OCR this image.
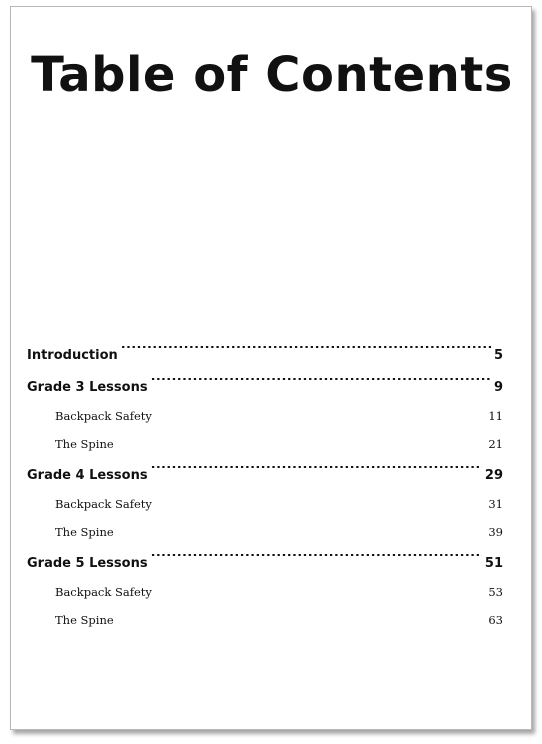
Table of Contents
Introduction .....	5
Grade 3 Lessons .....	9
Backpack Safety .....	11
The Spine .....	21
Grade 4 Lessons .....	29
Backpack Safety .....	31
The Spine .....	39
Grade 5 Lessons .....	51
Backpack Safety .....	53
The Spine .....	63
